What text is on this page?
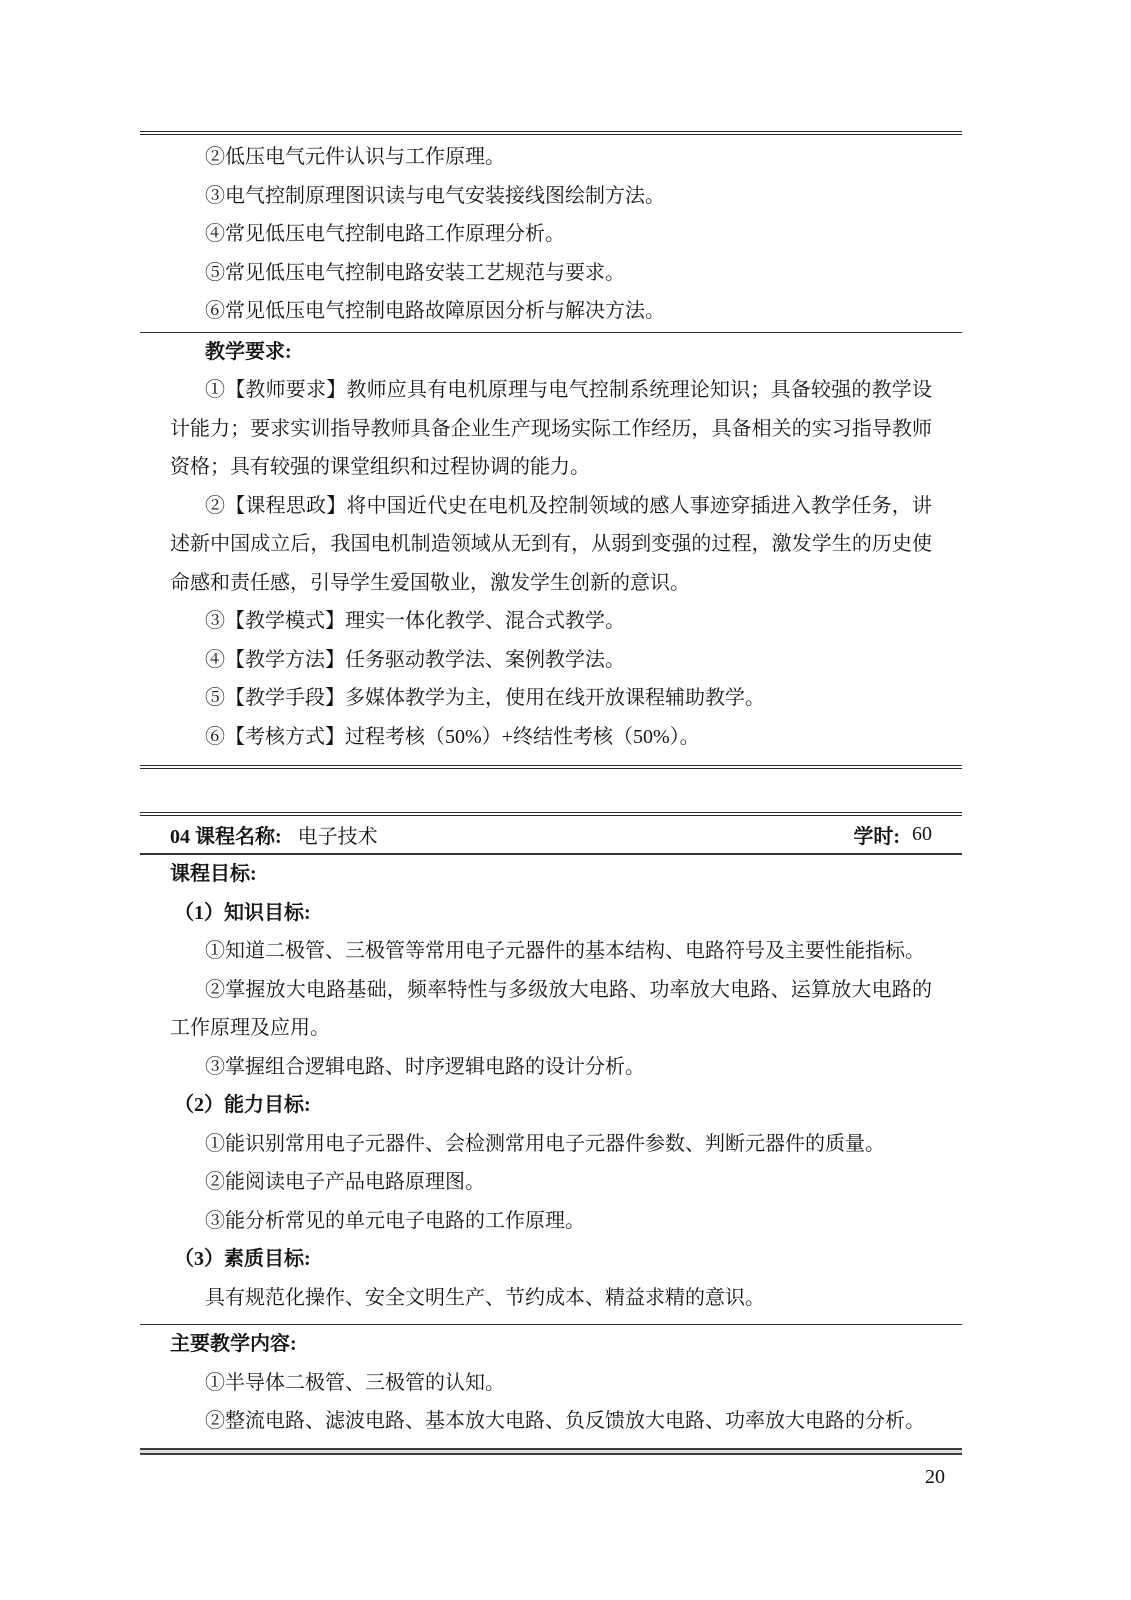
②低压电气元件认识与工作原理。

③电气控制原理图识读与电气安装接线图绘制方法。

④常见低压电气控制电路工作原理分析。

⑤常见低压电气控制电路安装工艺规范与要求。

⑥常见低压电气控制电路故障原因分析与解决方法。

教学要求:

①【教师要求】教师应具有电机原理与电气控制系统理论知识；具备较强的教学设计能力；要求实训指导教师具备企业生产现场实际工作经历，具备相关的实习指导教师资格；具有较强的课堂组织和过程协调的能力。

②【课程思政】将中国近代史在电机及控制领域的感人事迹穿插进入教学任务，讲述新中国成立后，我国电机制造领域从无到有，从弱到变强的过程，激发学生的历史使命感和责任感，引导学生爱国敬业，激发学生创新的意识。

③【教学模式】理实一体化教学、混合式教学。

④【教学方法】任务驱动教学法、案例教学法。

⑤【教学手段】多媒体教学为主，使用在线开放课程辅助教学。

⑥【考核方式】过程考核（50%）+终结性考核（50%）。

04 课程名称: 电子技术	学时: 60

课程目标:

（1）知识目标:

①知道二极管、三极管等常用电子元器件的基本结构、电路符号及主要性能指标。

②掌握放大电路基础，频率特性与多级放大电路、功率放大电路、运算放大电路的工作原理及应用。

③掌握组合逻辑电路、时序逻辑电路的设计分析。

（2）能力目标:

①能识别常用电子元器件、会检测常用电子元器件参数、判断元器件的质量。

②能阅读电子产品电路原理图。

③能分析常见的单元电子电路的工作原理。

（3）素质目标:

具有规范化操作、安全文明生产、节约成本、精益求精的意识。

主要教学内容:

①半导体二极管、三极管的认知。

②整流电路、滤波电路、基本放大电路、负反馈放大电路、功率放大电路的分析。

20
